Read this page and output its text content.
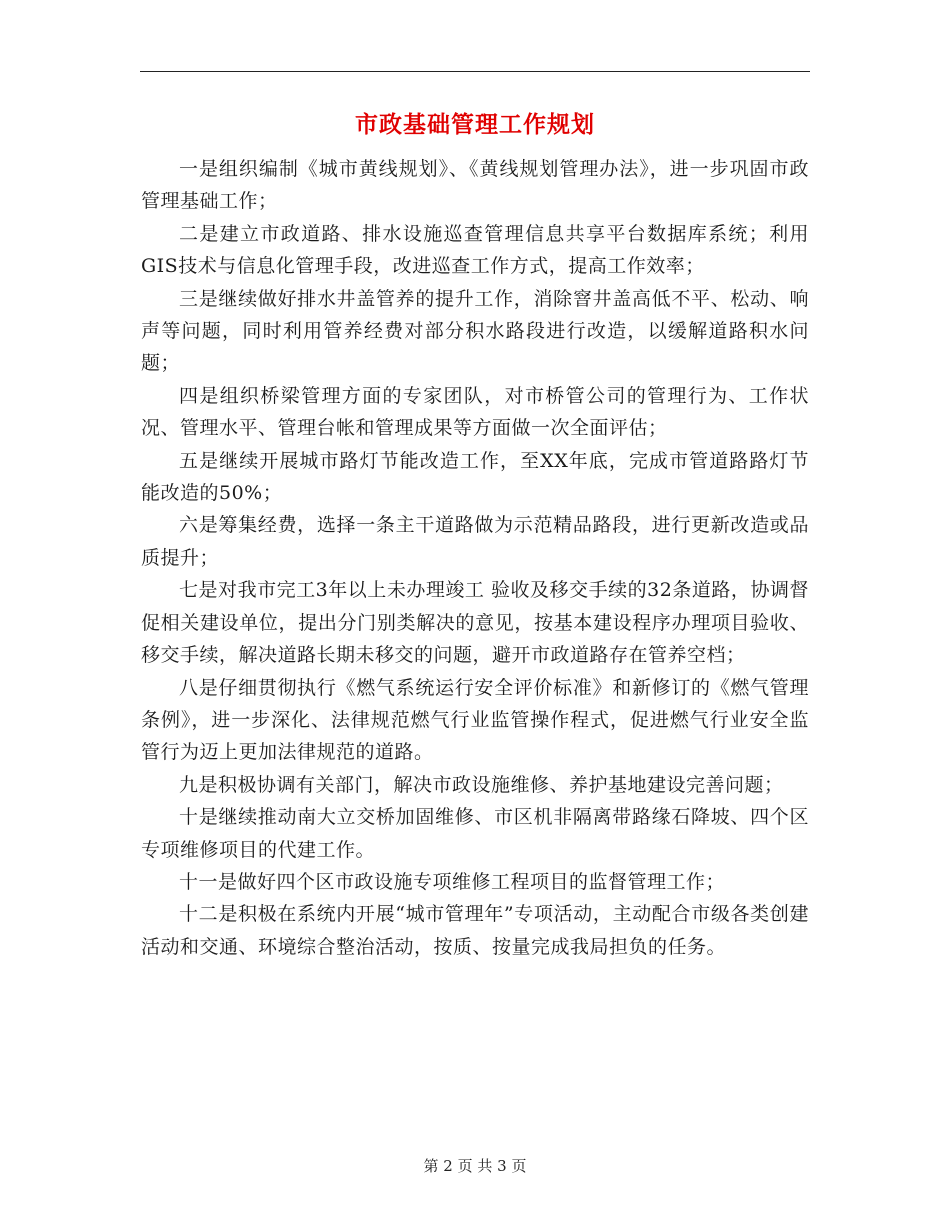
市政基础管理工作规划

一是组织编制《城市黄线规划》、《黄线规划管理办法》，进一步巩固市政管理基础工作；

二是建立市政道路、排水设施巡查管理信息共享平台数据库系统；利用GIS技术与信息化管理手段，改进巡查工作方式，提高工作效率；

三是继续做好排水井盖管养的提升工作，消除窨井盖高低不平、松动、响声等问题，同时利用管养经费对部分积水路段进行改造，以缓解道路积水问题；

四是组织桥梁管理方面的专家团队，对市桥管公司的管理行为、工作状况、管理水平、管理台帐和管理成果等方面做一次全面评估；

五是继续开展城市路灯节能改造工作，至XX年底，完成市管道路路灯节能改造的50%；

六是筹集经费，选择一条主干道路做为示范精品路段，进行更新改造或品质提升；

七是对我市完工3年以上未办理竣工 验收及移交手续的32条道路，协调督促相关建设单位，提出分门别类解决的意见，按基本建设程序办理项目验收、移交手续，解决道路长期未移交的问题，避开市政道路存在管养空档；

八是仔细贯彻执行《燃气系统运行安全评价标准》和新修订的《燃气管理条例》，进一步深化、法律规范燃气行业监管操作程式，促进燃气行业安全监管行为迈上更加法律规范的道路。

九是积极协调有关部门，解决市政设施维修、养护基地建设完善问题；

十是继续推动南大立交桥加固维修、市区机非隔离带路缘石降坡、四个区专项维修项目的代建工作。

十一是做好四个区市政设施专项维修工程项目的监督管理工作；

十二是积极在系统内开展“城市管理年”专项活动，主动配合市级各类创建活动和交通、环境综合整治活动，按质、按量完成我局担负的任务。

第 2 页 共 3 页
